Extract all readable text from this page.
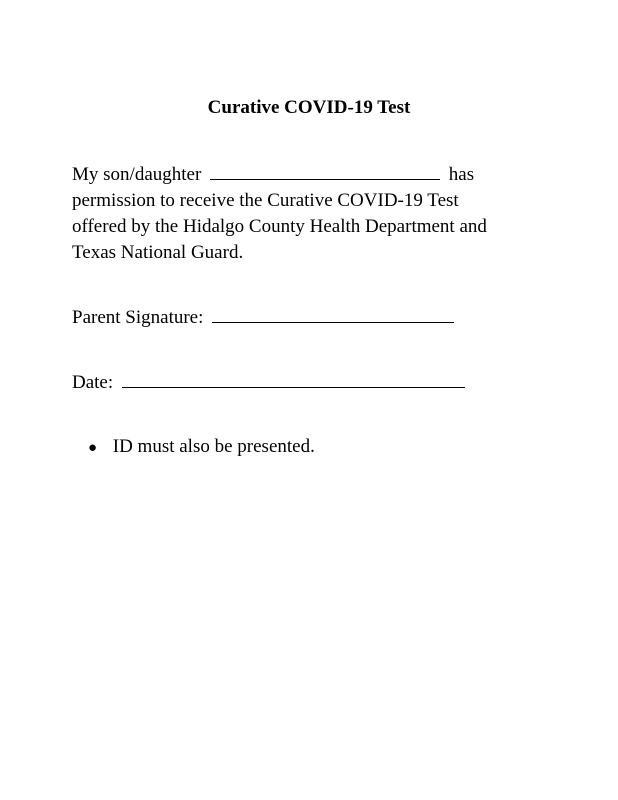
Curative COVID-19 Test
My son/daughter	has
permission to receive the Curative COVID-19 Test
offered by the Hidalgo County Health Department and
Texas National Guard.
Parent Signature:
Date:
● ID must also be presented.
